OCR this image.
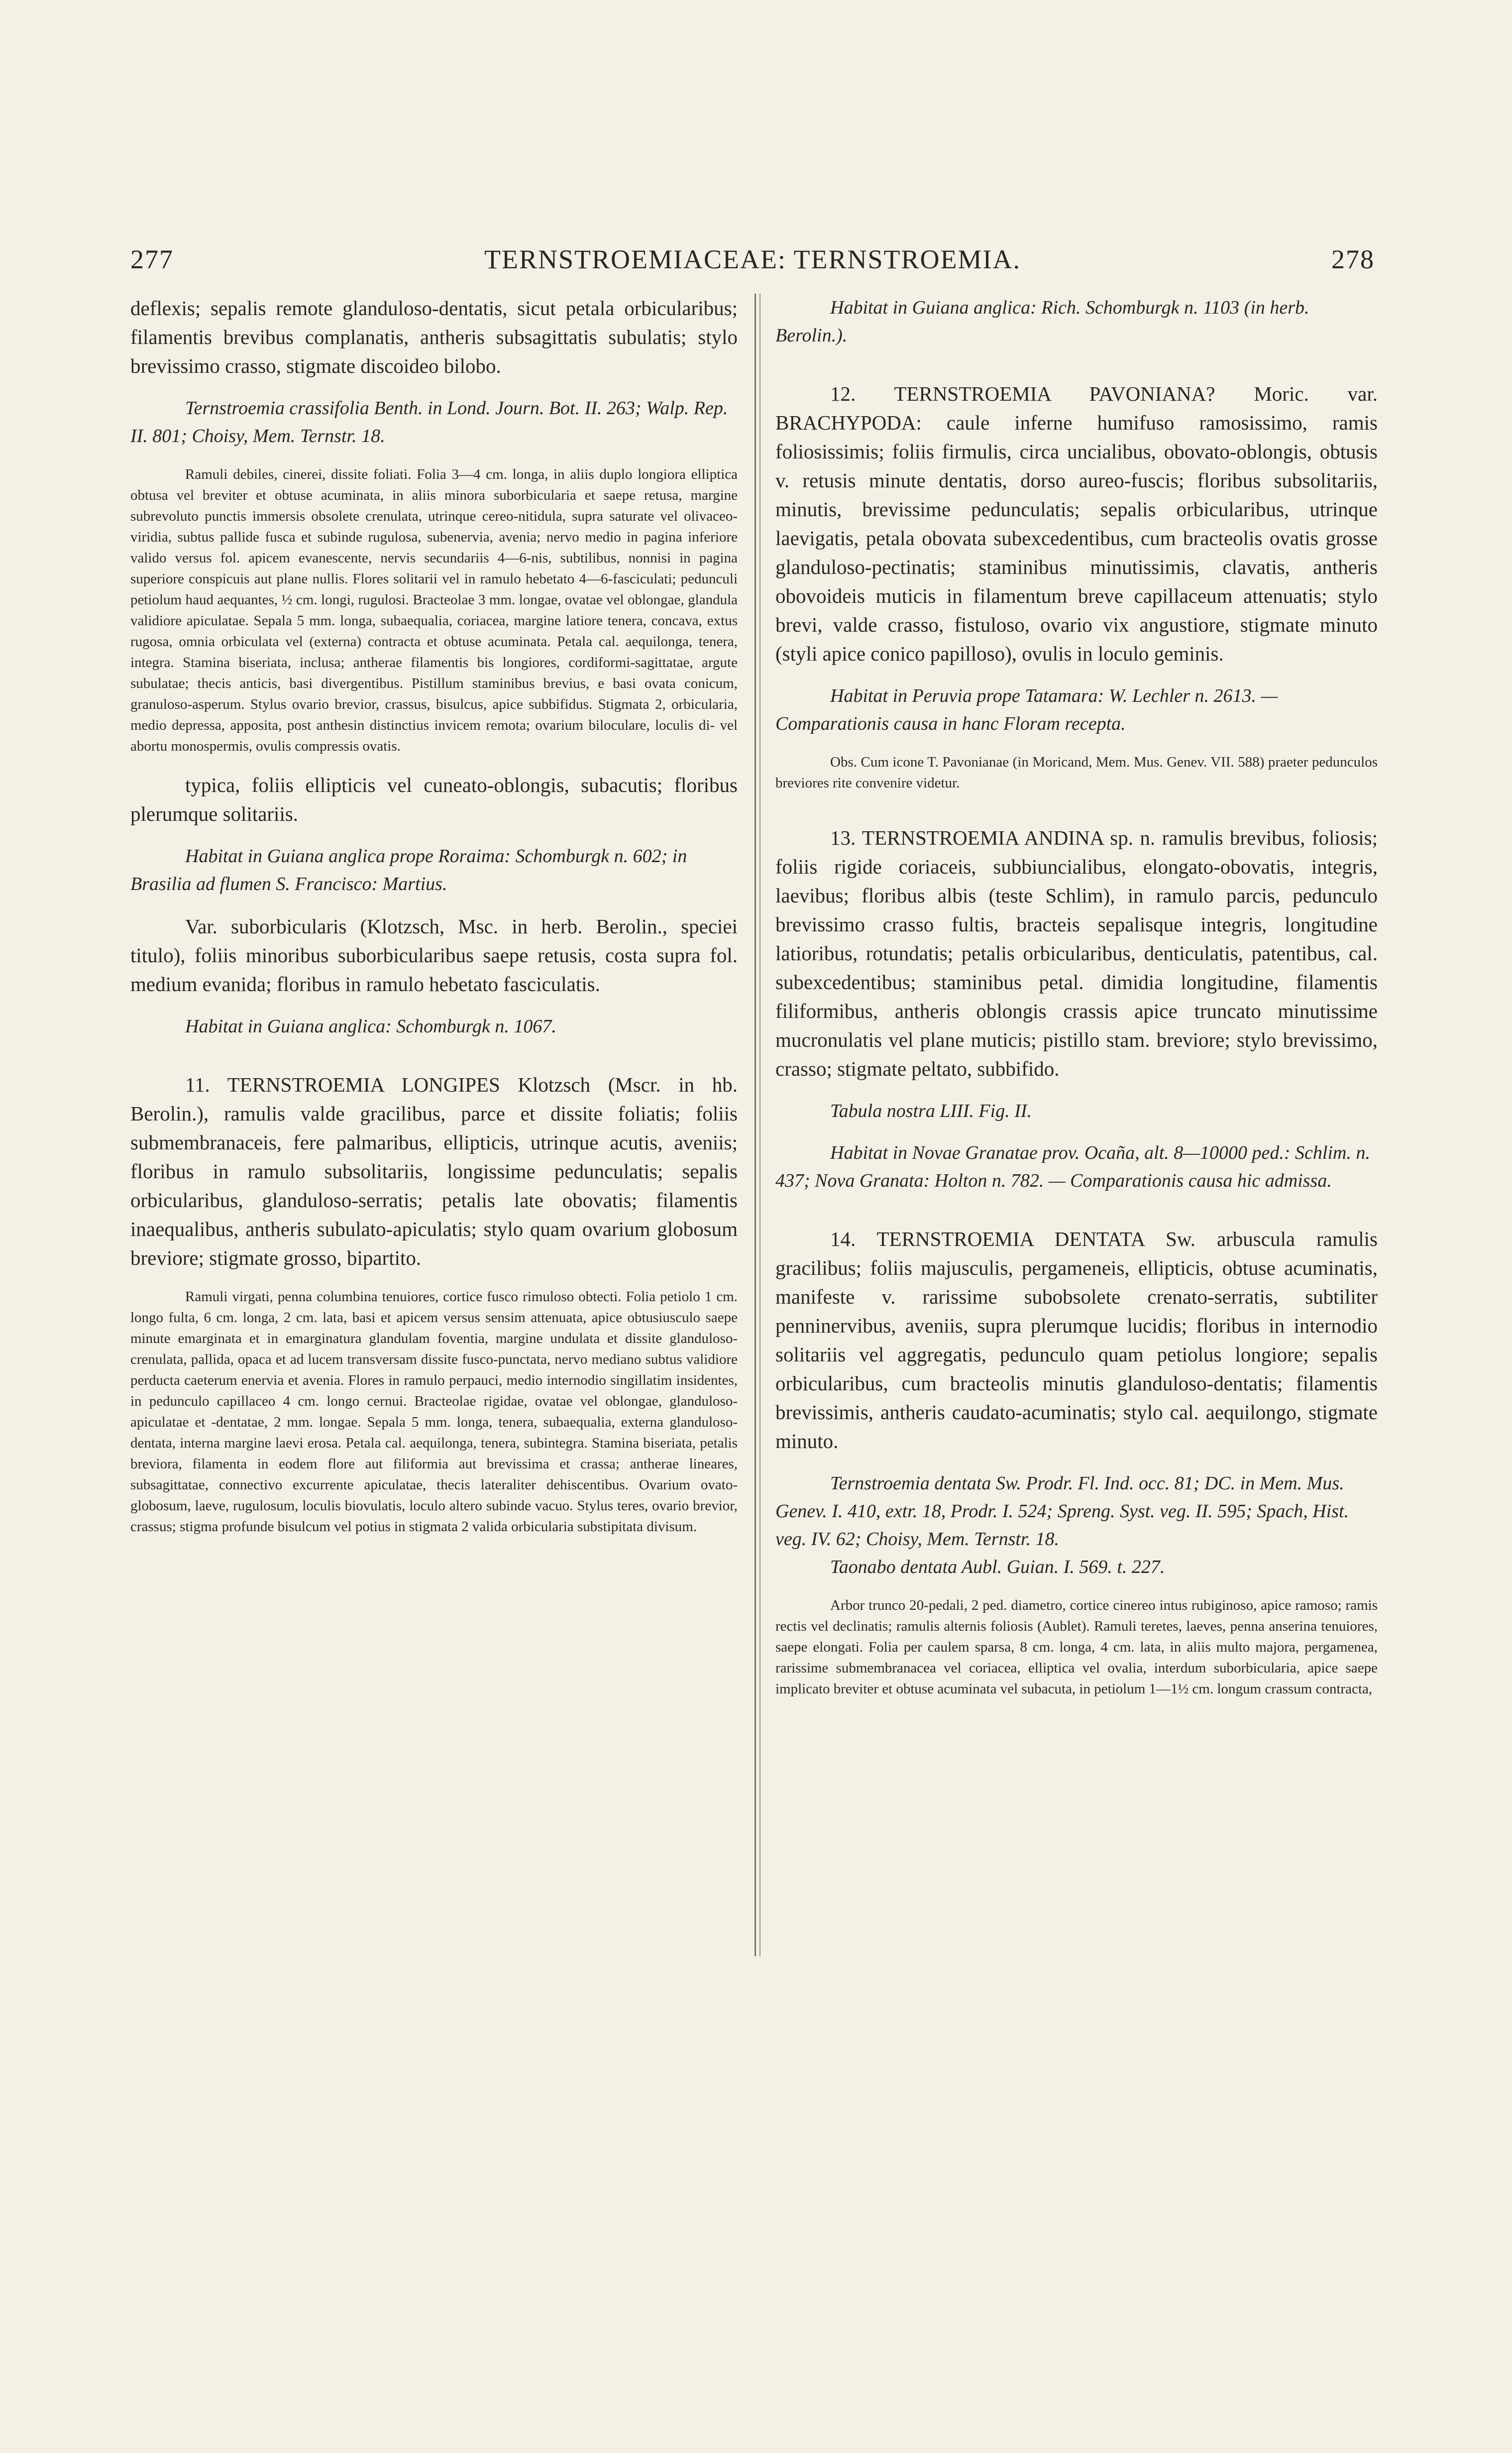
277	TERNSTROEMIACEAE: TERNSTROEMIA.	278

deflexis; sepalis remote glanduloso-dentatis, sicut petala orbicularibus; filamentis brevibus complanatis, antheris subsagittatis subulatis; stylo brevissimo crasso, stigmate discoideo bilobo.

Ternstroemia crassifolia Benth. in Lond. Journ. Bot. II. 263; Walp. Rep. II. 801; Choisy, Mem. Ternstr. 18.

Ramuli debiles, cinerei, dissite foliati. Folia 3—4 cm. longa, in aliis duplo longiora elliptica obtusa vel breviter et obtuse acuminata, in aliis minora suborbicularia et saepe retusa, margine subrevoluto punctis immersis obsolete crenulata, utrinque cereo-nitidula, supra saturate vel olivaceo-viridia, subtus pallide fusca et subinde rugulosa, subenervia, avenia; nervo medio in pagina inferiore valido versus fol. apicem evanescente, nervis secundariis 4—6-nis, subtilibus, nonnisi in pagina superiore conspicuis aut plane nullis. Flores solitarii vel in ramulo hebetato 4—6-fasciculati; pedunculi petiolum haud aequantes, ½ cm. longi, rugulosi. Bracteolae 3 mm. longae, ovatae vel oblongae, glandula validiore apiculatae. Sepala 5 mm. longa, subaequalia, coriacea, margine latiore tenera, concava, extus rugosa, omnia orbiculata vel (externa) contracta et obtuse acuminata. Petala cal. aequilonga, tenera, integra. Stamina biseriata, inclusa; antherae filamentis bis longiores, cordiformi-sagittatae, argute subulatae; thecis anticis, basi divergentibus. Pistillum staminibus brevius, e basi ovata conicum, granuloso-asperum. Stylus ovario brevior, crassus, bisulcus, apice subbifidus. Stigmata 2, orbicularia, medio depressa, apposita, post anthesin distinctius invicem remota; ovarium biloculare, loculis di- vel abortu monospermis, ovulis compressis ovatis.

typica, foliis ellipticis vel cuneato-oblongis, subacutis; floribus plerumque solitariis.

Habitat in Guiana anglica prope Roraima: Schomburgk n. 602; in Brasilia ad flumen S. Francisco: Martius.

Var. suborbicularis (Klotzsch, Msc. in herb. Berolin., speciei titulo), foliis minoribus suborbicularibus saepe retusis, costa supra fol. medium evanida; floribus in ramulo hebetato fasciculatis.

Habitat in Guiana anglica: Schomburgk n. 1067.

11. TERNSTROEMIA LONGIPES Klotzsch (Mscr. in hb. Berolin.), ramulis valde gracilibus, parce et dissite foliatis; foliis submembranaceis, fere palmaribus, ellipticis, utrinque acutis, aveniis; floribus in ramulo subsolitariis, longissime pedunculatis; sepalis orbicularibus, glanduloso-serratis; petalis late obovatis; filamentis inaequalibus, antheris subulato-apiculatis; stylo quam ovarium globosum breviore; stigmate grosso, bipartito.

Ramuli virgati, penna columbina tenuiores, cortice fusco rimuloso obtecti. Folia petiolo 1 cm. longo fulta, 6 cm. longa, 2 cm. lata, basi et apicem versus sensim attenuata, apice obtusiusculo saepe minute emarginata et in emarginatura glandulam foventia, margine undulata et dissite glanduloso-crenulata, pallida, opaca et ad lucem transversam dissite fusco-punctata, nervo mediano subtus validiore perducta caeterum enervia et avenia. Flores in ramulo perpauci, medio internodio singillatim insidentes, in pedunculo capillaceo 4 cm. longo cernui. Bracteolae rigidae, ovatae vel oblongae, glanduloso-apiculatae et -dentatae, 2 mm. longae. Sepala 5 mm. longa, tenera, subaequalia, externa glanduloso-dentata, interna margine laevi erosa. Petala cal. aequilonga, tenera, subintegra. Stamina biseriata, petalis breviora, filamenta in eodem flore aut filiformia aut brevissima et crassa; antherae lineares, subsagittatae, connectivo excurrente apiculatae, thecis lateraliter dehiscentibus. Ovarium ovato-globosum, laeve, rugulosum, loculis biovulatis, loculo altero subinde vacuo. Stylus teres, ovario brevior, crassus; stigma profunde bisulcum vel potius in stigmata 2 valida orbicularia substipitata divisum.

Habitat in Guiana anglica: Rich. Schomburgk n. 1103 (in herb. Berolin.).

12. TERNSTROEMIA PAVONIANA? Moric. var. BRACHYPODA: caule inferne humifuso ramosissimo, ramis foliosissimis; foliis firmulis, circa uncialibus, obovato-oblongis, obtusis v. retusis minute dentatis, dorso aureo-fuscis; floribus subsolitariis, minutis, brevissime pedunculatis; sepalis orbicularibus, utrinque laevigatis, petala obovata subexcedentibus, cum bracteolis ovatis grosse glanduloso-pectinatis; staminibus minutissimis, clavatis, antheris obovoideis muticis in filamentum breve capillaceum attenuatis; stylo brevi, valde crasso, fistuloso, ovario vix angustiore, stigmate minuto (styli apice conico papilloso), ovulis in loculo geminis.

Habitat in Peruvia prope Tatamara: W. Lechler n. 2613. — Comparationis causa in hanc Floram recepta.

Obs. Cum icone T. Pavonianae (in Moricand, Mem. Mus. Genev. VII. 588) praeter pedunculos breviores rite convenire videtur.

13. TERNSTROEMIA ANDINA sp. n. ramulis brevibus, foliosis; foliis rigide coriaceis, subbiuncialibus, elongato-obovatis, integris, laevibus; floribus albis (teste Schlim), in ramulo parcis, pedunculo brevissimo crasso fultis, bracteis sepalisque integris, longitudine latioribus, rotundatis; petalis orbicularibus, denticulatis, patentibus, cal. subexcedentibus; staminibus petal. dimidia longitudine, filamentis filiformibus, antheris oblongis crassis apice truncato minutissime mucronulatis vel plane muticis; pistillo stam. breviore; stylo brevissimo, crasso; stigmate peltato, subbifido.

Tabula nostra LIII. Fig. II.

Habitat in Novae Granatae prov. Ocaña, alt. 8—10000 ped.: Schlim. n. 437; Nova Granata: Holton n. 782. — Comparationis causa hic admissa.

14. TERNSTROEMIA DENTATA Sw. arbuscula ramulis gracilibus; foliis majusculis, pergameneis, ellipticis, obtuse acuminatis, manifeste v. rarissime subobsolete crenato-serratis, subtiliter penninervibus, aveniis, supra plerumque lucidis; floribus in internodio solitariis vel aggregatis, pedunculo quam petiolus longiore; sepalis orbicularibus, cum bracteolis minutis glanduloso-dentatis; filamentis brevissimis, antheris caudato-acuminatis; stylo cal. aequilongo, stigmate minuto.

Ternstroemia dentata Sw. Prodr. Fl. Ind. occ. 81; DC. in Mem. Mus. Genev. I. 410, extr. 18, Prodr. I. 524; Spreng. Syst. veg. II. 595; Spach, Hist. veg. IV. 62; Choisy, Mem. Ternstr. 18.

Taonabo dentata Aubl. Guian. I. 569. t. 227.

Arbor trunco 20-pedali, 2 ped. diametro, cortice cinereo intus rubiginoso, apice ramoso; ramis rectis vel declinatis; ramulis alternis foliosis (Aublet). Ramuli teretes, laeves, penna anserina tenuiores, saepe elongati. Folia per caulem sparsa, 8 cm. longa, 4 cm. lata, in aliis multo majora, pergamenea, rarissime submembranacea vel coriacea, elliptica vel ovalia, interdum suborbicularia, apice saepe implicato breviter et obtuse acuminata vel subacuta, in petiolum 1—1½ cm. longum crassum contracta,
